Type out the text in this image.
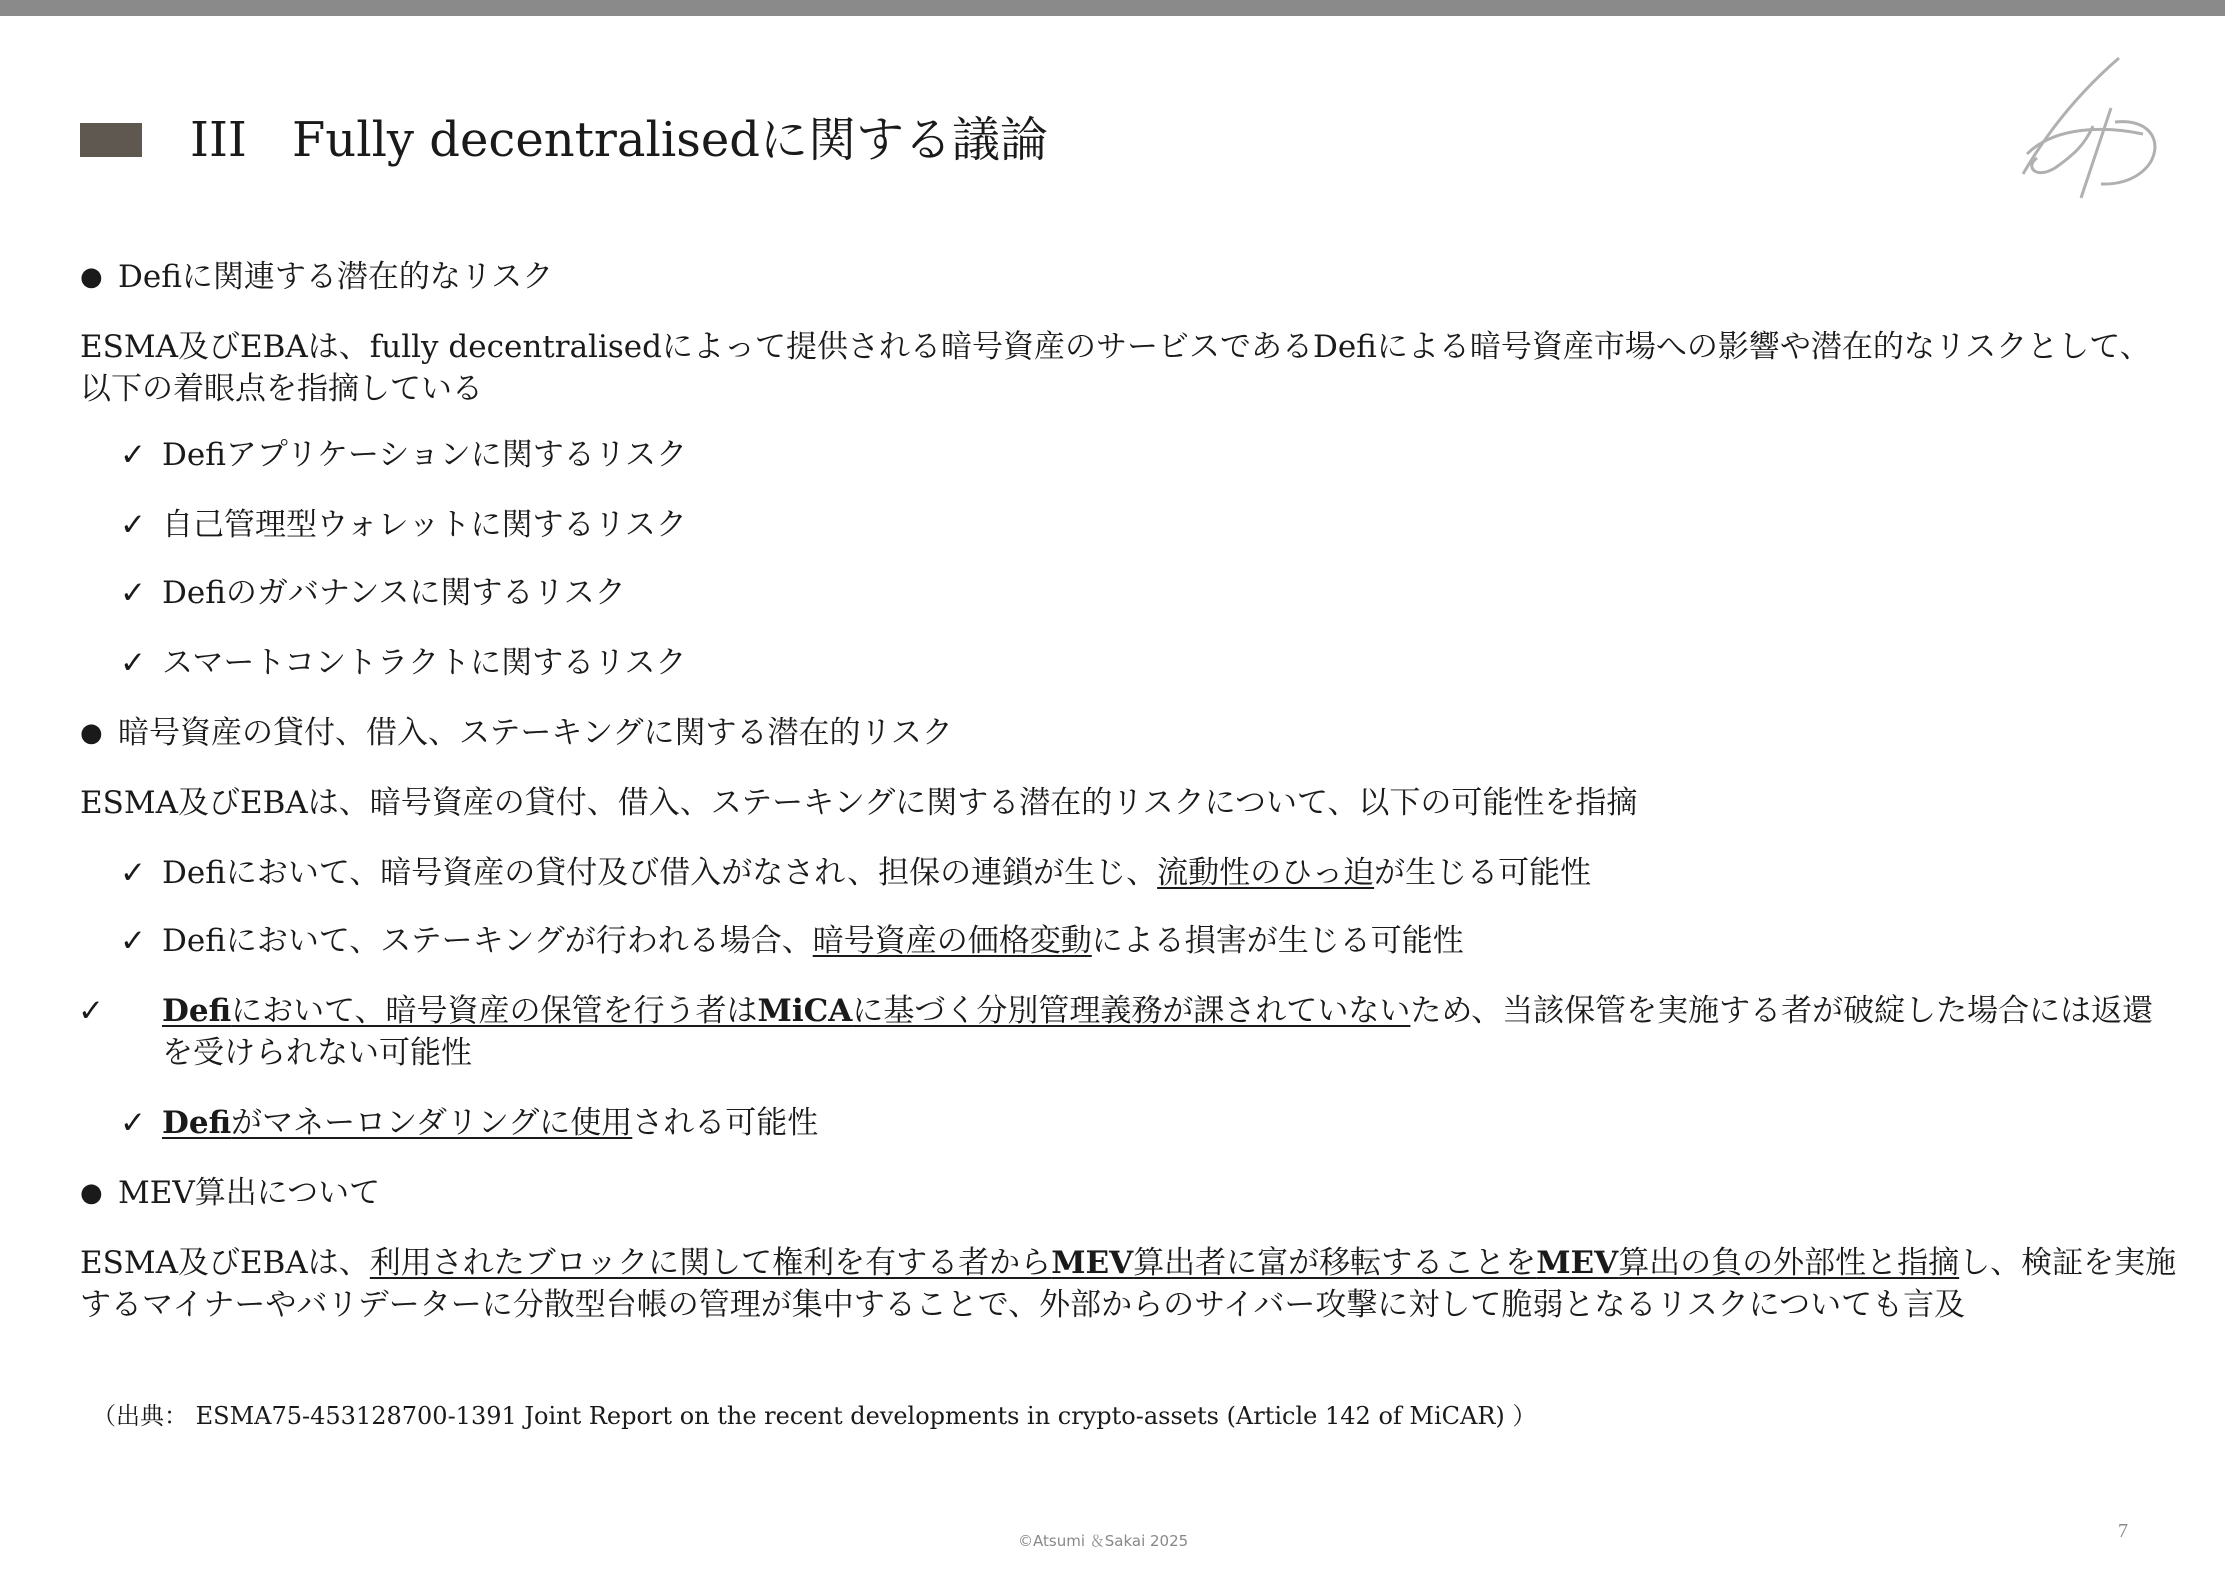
III Fully decentralisedに関する議論
● Defiに関連する潜在的なリスク
ESMA及びEBAは、fully decentralisedによって提供される暗号資産のサービスであるDefiによる暗号資産市場への影響や潜在的なリスクとして、以下の着眼点を指摘している
✓ Defiアプリケーションに関するリスク
✓ 自己管理型ウォレットに関するリスク
✓ Defiのガバナンスに関するリスク
✓ スマートコントラクトに関するリスク
● 暗号資産の貸付、借入、ステーキングに関する潜在的リスク
ESMA及びEBAは、暗号資産の貸付、借入、ステーキングに関する潜在的リスクについて、以下の可能性を指摘
✓ Defiにおいて、暗号資産の貸付及び借入がなされ、担保の連鎖が生じ、流動性のひっ迫が生じる可能性
✓ Defiにおいて、ステーキングが行われる場合、暗号資産の価格変動による損害が生じる可能性
✓ Defiにおいて、暗号資産の保管を行う者はMiCAに基づく分別管理義務が課されていないため、当該保管を実施する者が破綻した場合には返還を受けられない可能性
✓ Defiがマネーロンダリングに使用される可能性
● MEV算出について
ESMA及びEBAは、利用されたブロックに関して権利を有する者からMEV算出者に富が移転することをMEV算出の負の外部性と指摘し、検証を実施するマイナーやバリデーターに分散型台帳の管理が集中することで、外部からのサイバー攻撃に対して脆弱となるリスクについても言及
（出典： ESMA75-453128700-1391 Joint Report on the recent developments in crypto-assets (Article 142 of MiCAR) ）
©Atsumi ＆Sakai 2025	7
